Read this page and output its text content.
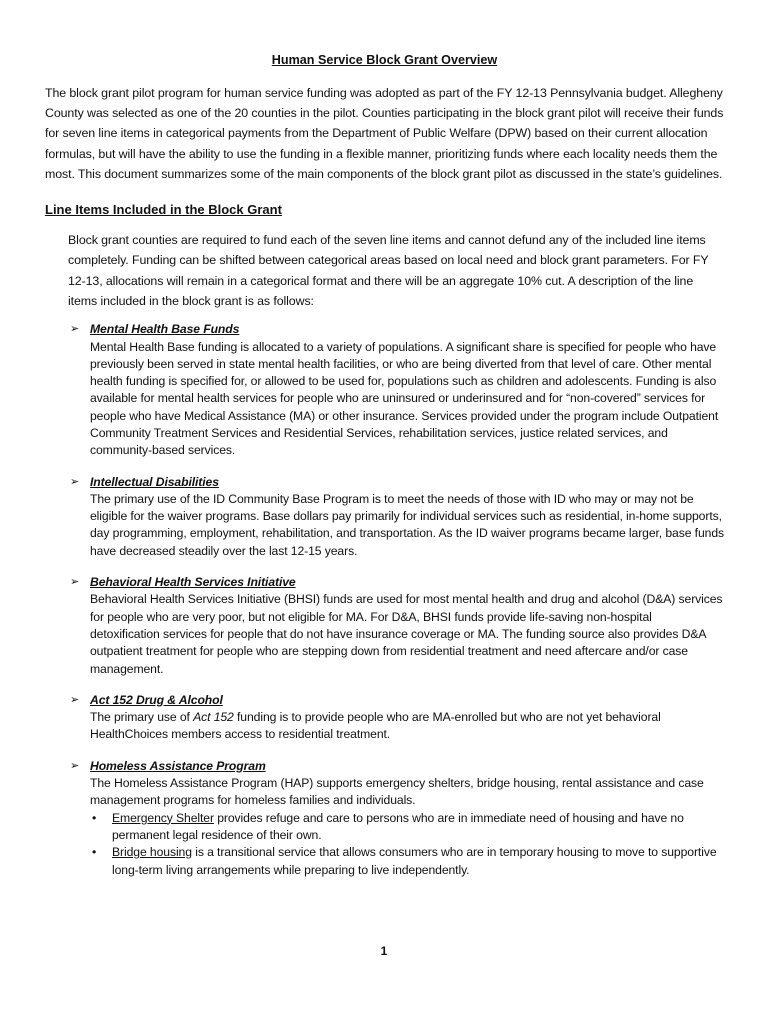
Human Service Block Grant Overview

The block grant pilot program for human service funding was adopted as part of the FY 12-13 Pennsylvania budget. Allegheny County was selected as one of the 20 counties in the pilot. Counties participating in the block grant pilot will receive their funds for seven line items in categorical payments from the Department of Public Welfare (DPW) based on their current allocation formulas, but will have the ability to use the funding in a flexible manner, prioritizing funds where each locality needs them the most. This document summarizes some of the main components of the block grant pilot as discussed in the state’s guidelines.

Line Items Included in the Block Grant

Block grant counties are required to fund each of the seven line items and cannot defund any of the included line items completely. Funding can be shifted between categorical areas based on local need and block grant parameters. For FY 12-13, allocations will remain in a categorical format and there will be an aggregate 10% cut. A description of the line items included in the block grant is as follows:

➢ Mental Health Base Funds

Mental Health Base funding is allocated to a variety of populations. A significant share is specified for people who have previously been served in state mental health facilities, or who are being diverted from that level of care. Other mental health funding is specified for, or allowed to be used for, populations such as children and adolescents. Funding is also available for mental health services for people who are uninsured or underinsured and for “non-covered” services for people who have Medical Assistance (MA) or other insurance. Services provided under the program include Outpatient Community Treatment Services and Residential Services, rehabilitation services, justice related services, and community-based services.

➢ Intellectual Disabilities

The primary use of the ID Community Base Program is to meet the needs of those with ID who may or may not be eligible for the waiver programs. Base dollars pay primarily for individual services such as residential, in-home supports, day programming, employment, rehabilitation, and transportation. As the ID waiver programs became larger, base funds have decreased steadily over the last 12-15 years.

➢ Behavioral Health Services Initiative

Behavioral Health Services Initiative (BHSI) funds are used for most mental health and drug and alcohol (D&A) services for people who are very poor, but not eligible for MA. For D&A, BHSI funds provide life-saving non-hospital detoxification services for people that do not have insurance coverage or MA. The funding source also provides D&A outpatient treatment for people who are stepping down from residential treatment and need aftercare and/or case management.

➢ Act 152 Drug & Alcohol

The primary use of Act 152 funding is to provide people who are MA-enrolled but who are not yet behavioral HealthChoices members access to residential treatment.

➢ Homeless Assistance Program

The Homeless Assistance Program (HAP) supports emergency shelters, bridge housing, rental assistance and case management programs for homeless families and individuals.

• Emergency Shelter provides refuge and care to persons who are in immediate need of housing and have no permanent legal residence of their own.
• Bridge housing is a transitional service that allows consumers who are in temporary housing to move to supportive long-term living arrangements while preparing to live independently.
1
